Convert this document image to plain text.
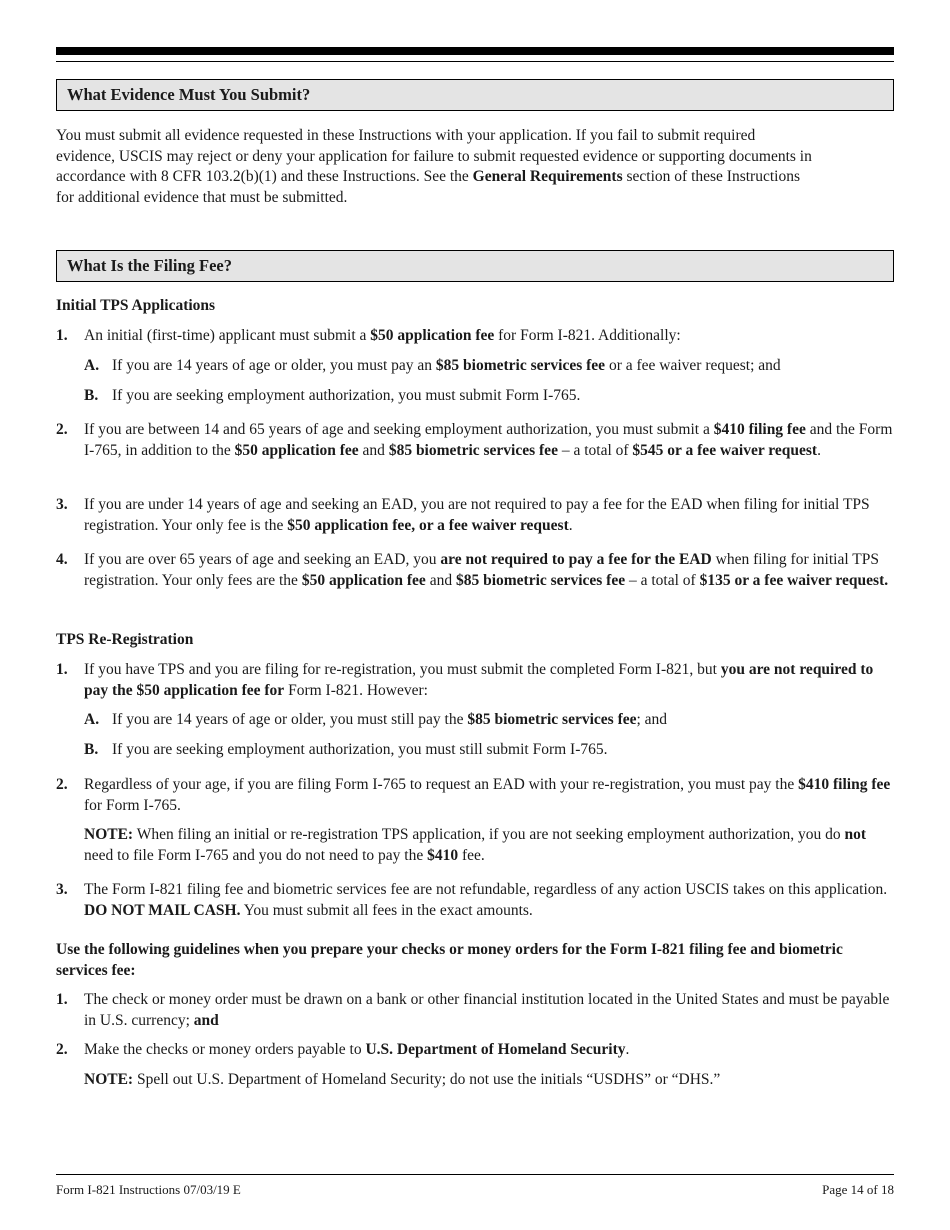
What Evidence Must You Submit?
You must submit all evidence requested in these Instructions with your application. If you fail to submit required
evidence, USCIS may reject or deny your application for failure to submit requested evidence or supporting documents in
accordance with 8 CFR 103.2(b)(1) and these Instructions. See the General Requirements section of these Instructions
for additional evidence that must be submitted.
What Is the Filing Fee?
Initial TPS Applications
1. An initial (first-time) applicant must submit a $50 application fee for Form I-821. Additionally:
A. If you are 14 years of age or older, you must pay an $85 biometric services fee or a fee waiver request; and
B. If you are seeking employment authorization, you must submit Form I-765.
2. If you are between 14 and 65 years of age and seeking employment authorization, you must submit a $410 filing fee and the Form I-765, in addition to the $50 application fee and $85 biometric services fee – a total of $545 or a fee waiver request.
3. If you are under 14 years of age and seeking an EAD, you are not required to pay a fee for the EAD when filing for initial TPS registration. Your only fee is the $50 application fee, or a fee waiver request.
4. If you are over 65 years of age and seeking an EAD, you are not required to pay a fee for the EAD when filing for initial TPS registration. Your only fees are the $50 application fee and $85 biometric services fee – a total of $135 or a fee waiver request.
TPS Re-Registration
1. If you have TPS and you are filing for re-registration, you must submit the completed Form I-821, but you are not required to pay the $50 application fee for Form I-821. However:
A. If you are 14 years of age or older, you must still pay the $85 biometric services fee; and
B. If you are seeking employment authorization, you must still submit Form I-765.
2. Regardless of your age, if you are filing Form I-765 to request an EAD with your re-registration, you must pay the $410 filing fee for Form I-765.
NOTE: When filing an initial or re-registration TPS application, if you are not seeking employment authorization, you do not need to file Form I-765 and you do not need to pay the $410 fee.
3. The Form I-821 filing fee and biometric services fee are not refundable, regardless of any action USCIS takes on this application. DO NOT MAIL CASH. You must submit all fees in the exact amounts.
Use the following guidelines when you prepare your checks or money orders for the Form I-821 filing fee and biometric services fee:
1. The check or money order must be drawn on a bank or other financial institution located in the United States and must be payable in U.S. currency; and
2. Make the checks or money orders payable to U.S. Department of Homeland Security.
NOTE: Spell out U.S. Department of Homeland Security; do not use the initials “USDHS” or “DHS.”
Form I-821 Instructions 07/03/19 E	Page 14 of 18
